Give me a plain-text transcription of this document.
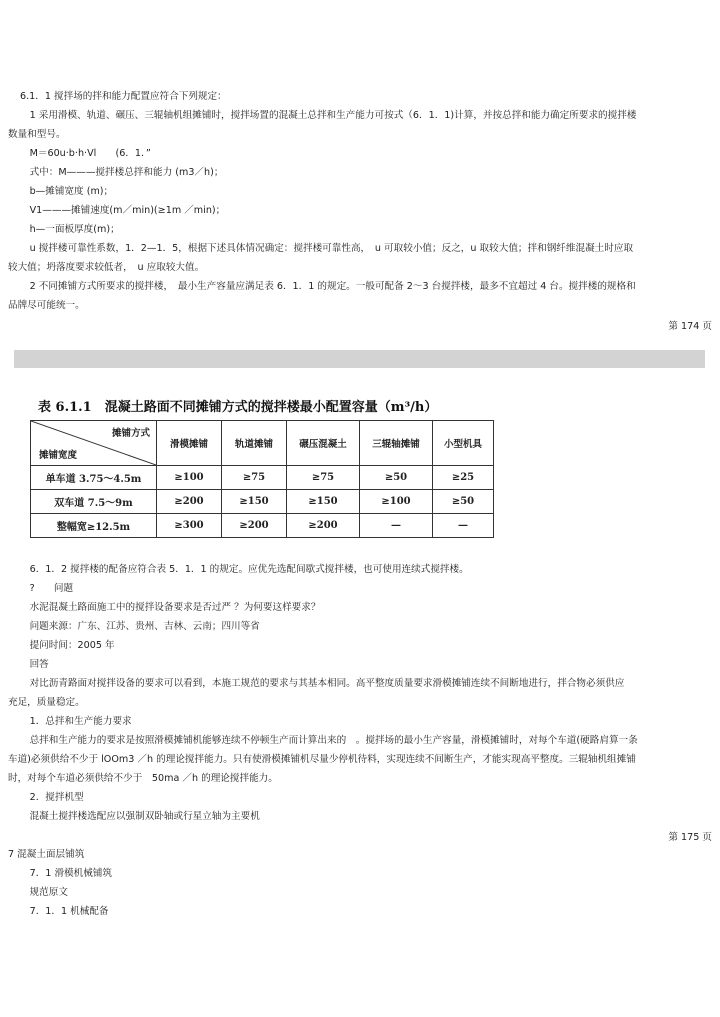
6.1．1 搅拌场的拌和能力配置应符合下列规定：
　1 采用滑模、轨道、碾压、三辊轴机组摊铺时，搅拌场置的混凝土总拌和生产能力可按式（6．1．1)计算，并按总拌和能力确定所要求的搅拌楼
数量和型号。
　M＝60u·b·h·Vl　　(6．1．”
　式中：M———搅拌楼总拌和能力 (m3／h)；
　b—摊铺宽度 (m)；
　V1———摊铺速度(m／min)(≥1m ／min)；
　h—一面板厚度(m)；
　u 搅拌楼可靠性系数，1．2—1．5，根据下述具体情况确定：搅拌楼可靠性高，　u 可取较小值；反之，u 取较大值；拌和钢纤维混凝土时应取
较大值；坍落度要求较低者，　u 应取较大值。
　2 不同摊铺方式所要求的搅拌楼，　最小生产容量应满足表 6．1．1 的规定。一般可配备 2～3 台搅拌楼，最多不宜超过 4 台。搅拌楼的规格和
品牌尽可能统一。
第 174 页
表 6.1.1　混凝土路面不同摊铺方式的搅拌楼最小配置容量（m³/h）
摊铺方式
摊铺宽度	滑模摊铺	轨道摊铺	碾压混凝土	三辊轴摊铺	小型机具
单车道 3.75～4.5m	≥100	≥75	≥75	≥50	≥25
双车道 7.5～9m	≥200	≥150	≥150	≥100	≥50
整幅宽≥12.5m	≥300	≥200	≥200	—	—
　6．1．2 搅拌楼的配备应符合表 5．1．1 的规定。应优先选配间歇式搅拌楼，也可使用连续式搅拌楼。
　?　　问题
　水泥混凝土路面施工中的搅拌设备要求是否过严 ？为何要这样要求？
　问题来源：广东、江苏、贵州、吉林、云南；四川等省
　提问时间：2005 年
　回答
　对比沥青路面对搅拌设备的要求可以看到，本施工规范的要求与其基本相同。高平整度质量要求滑模摊铺连续不间断地进行，拌合物必须供应
充足，质量稳定。
　1．总拌和生产能力要求
　总拌和生产能力的要求是按照滑模摊铺机能够连续不停顿生产而计算出来的　。搅拌场的最小生产容量，滑模摊铺时，对每个车道(硬路肩算一条
车道)必须供给不少于 lOOm3 ／h 的理论搅拌能力。只有使滑模摊铺机尽量少停机待料，实现连续不间断生产，才能实现高平整度。三辊轴机组摊铺
时，对每个车道必须供给不少于　50ma ／h 的理论搅拌能力。
　2．搅拌机型
　混凝土搅拌楼选配应以强制双卧轴或行星立轴为主要机
第 175 页
7 混凝土面层铺筑
　7．1 滑模机械铺筑
　规范原文
　7．1．1 机械配备
